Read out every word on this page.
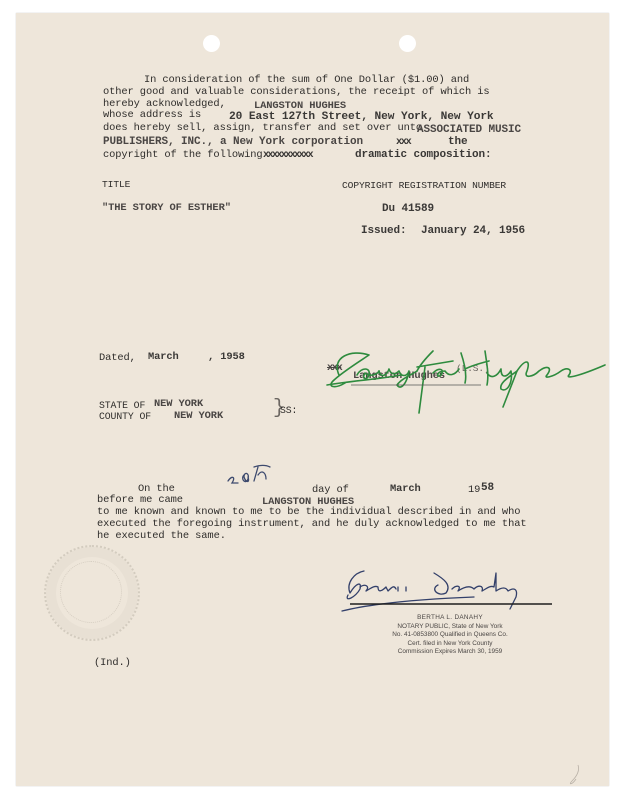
In consideration of the sum of One Dollar ($1.00) and
other good and valuable considerations, the receipt of which is
hereby acknowledged,	LANGSTON HUGHES
whose address is 20 East 127th Street, New York, New York
does hereby sell, assign, transfer and set over unto
ASSOCIATED MUSIC
PUBLISHERS, INC., a New York corporation	xxx	the
copyright of the following xxxxxxxxxxx	dramatic composition:
TITLE	COPYRIGHT REGISTRATION NUMBER
"THE STORY OF ESTHER"	Du 41589
Issued: January 24, 1956
Dated, March	, 1958
xxx
Langston Hughes
(L.S.)
STATE OF NEW YORK
COUNTY OF NEW YORK }
SS:
On the	day of	March	19 58
before me came	LANGSTON HUGHES
to me known and known to me to be the individual described in and who
executed the foregoing instrument, and he duly acknowledged to me that
he executed the same.
BERTHA L. DANAHY
NOTARY PUBLIC, State of New York
No. 41-0853800 Qualified in Queens Co.
Cert. filed in New York County
Commission Expires March 30, 1959
(Ind.)
